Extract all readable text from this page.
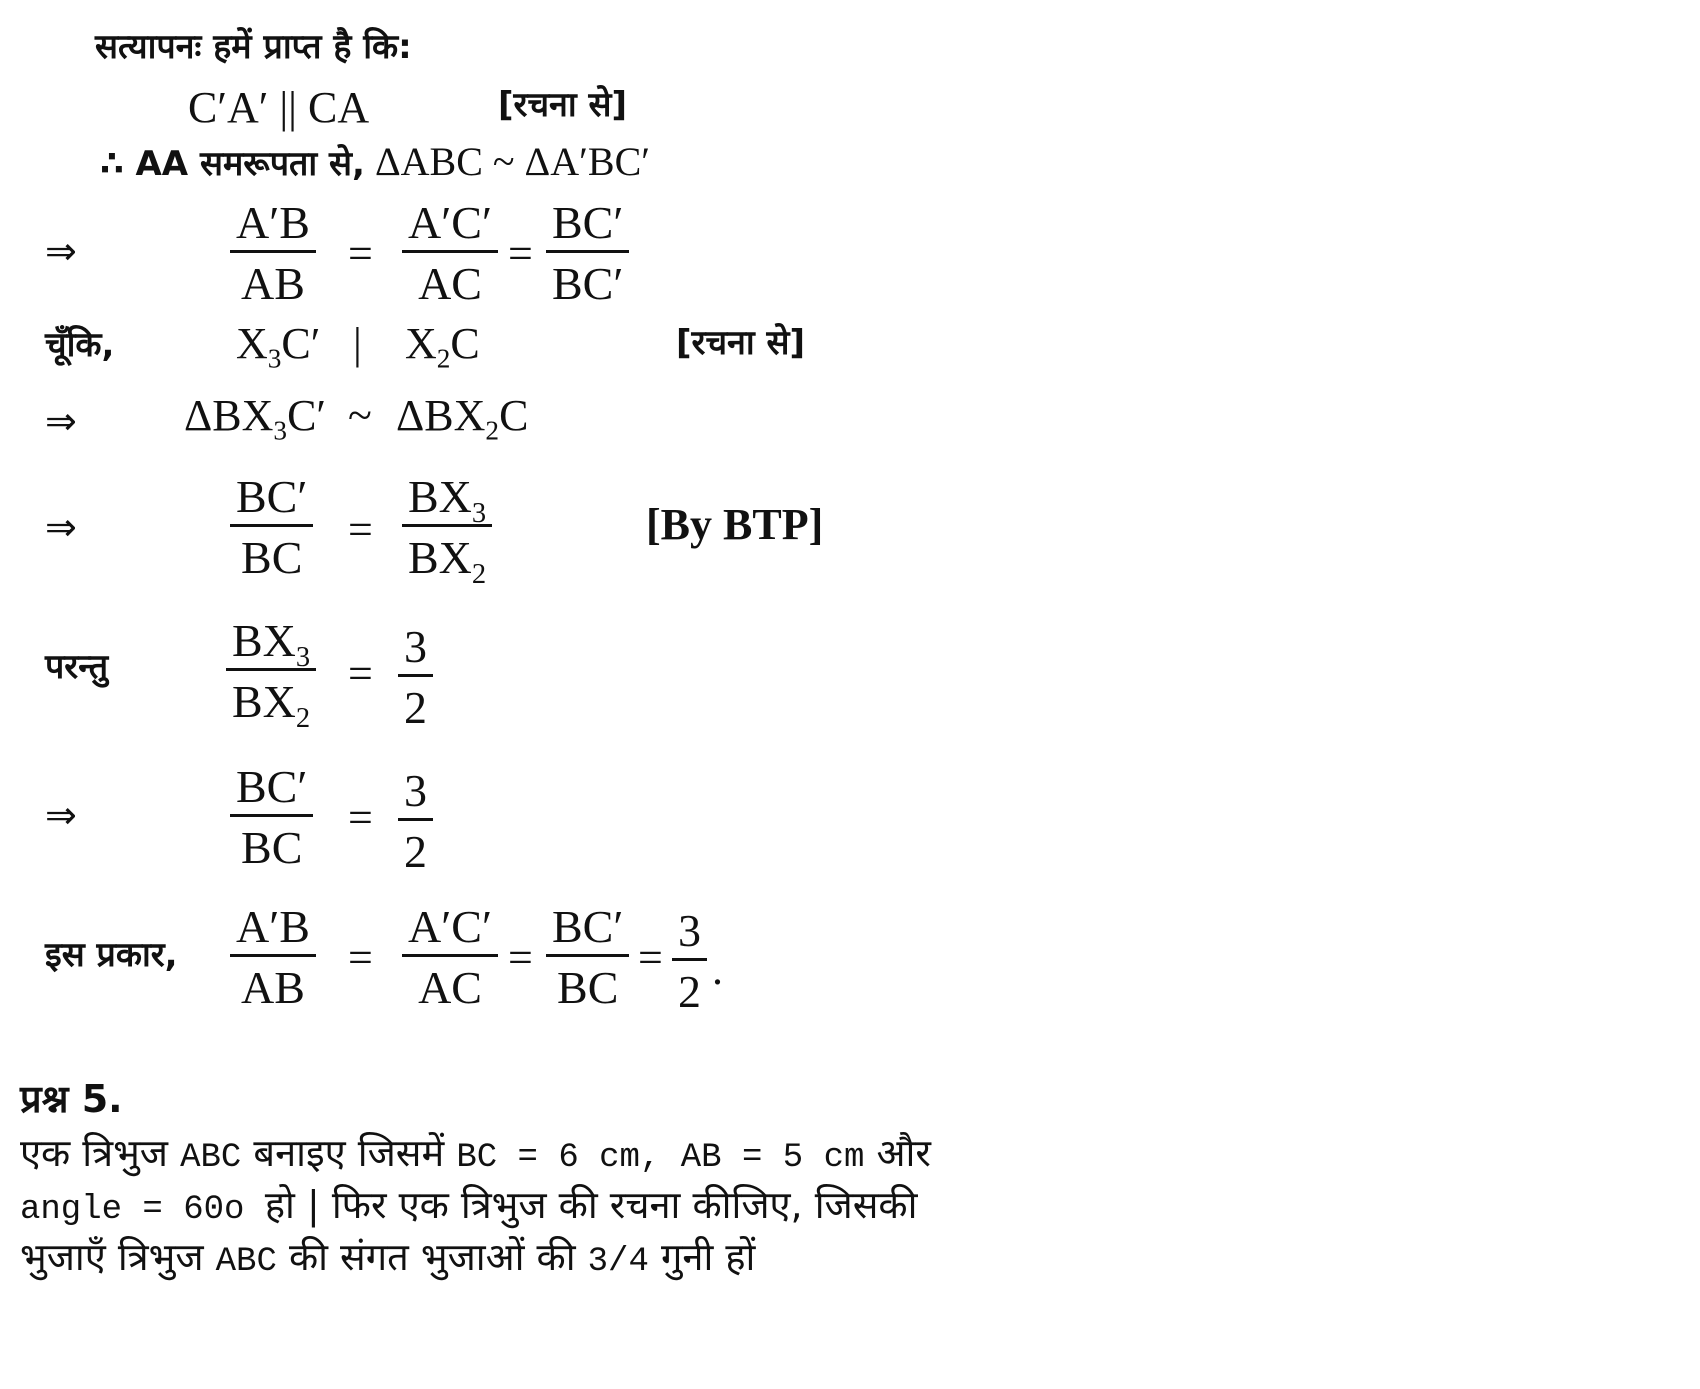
सत्यापनः हमें प्राप्त है कि:
C′A′ || CA	[रचना से]
∴ AA समरूपता से, ΔABC ~ ΔA′BC′
⇒
A′B
AB
=
A′C′
AC
=
BC′
BC′
चूँकि,	$X_3C'$ | $X_2C$	[रचना से]
⇒ $\Delta BX_3C'$ ~ $\Delta BX_2C$
⇒
BC′
BC
=
$BX_3$
$BX_2$
[By BTP]
परन्तु
$BX_3$
$BX_2$
=
3
2
⇒
BC′
BC
=
3
2
इस प्रकार,
A′B
AB
=
A′C′
AC
=
BC′
BC
=
3
2 .
प्रश्न 5.
एक त्रिभुज ABC बनाइए जिसमें BC = 6 cm, AB = 5 cm और
angle = 60o हो | फिर एक त्रिभुज की रचना कीजिए, जिसकी
भुजाएँ त्रिभुज ABC की संगत भुजाओं की 3/4 गुनी हों
